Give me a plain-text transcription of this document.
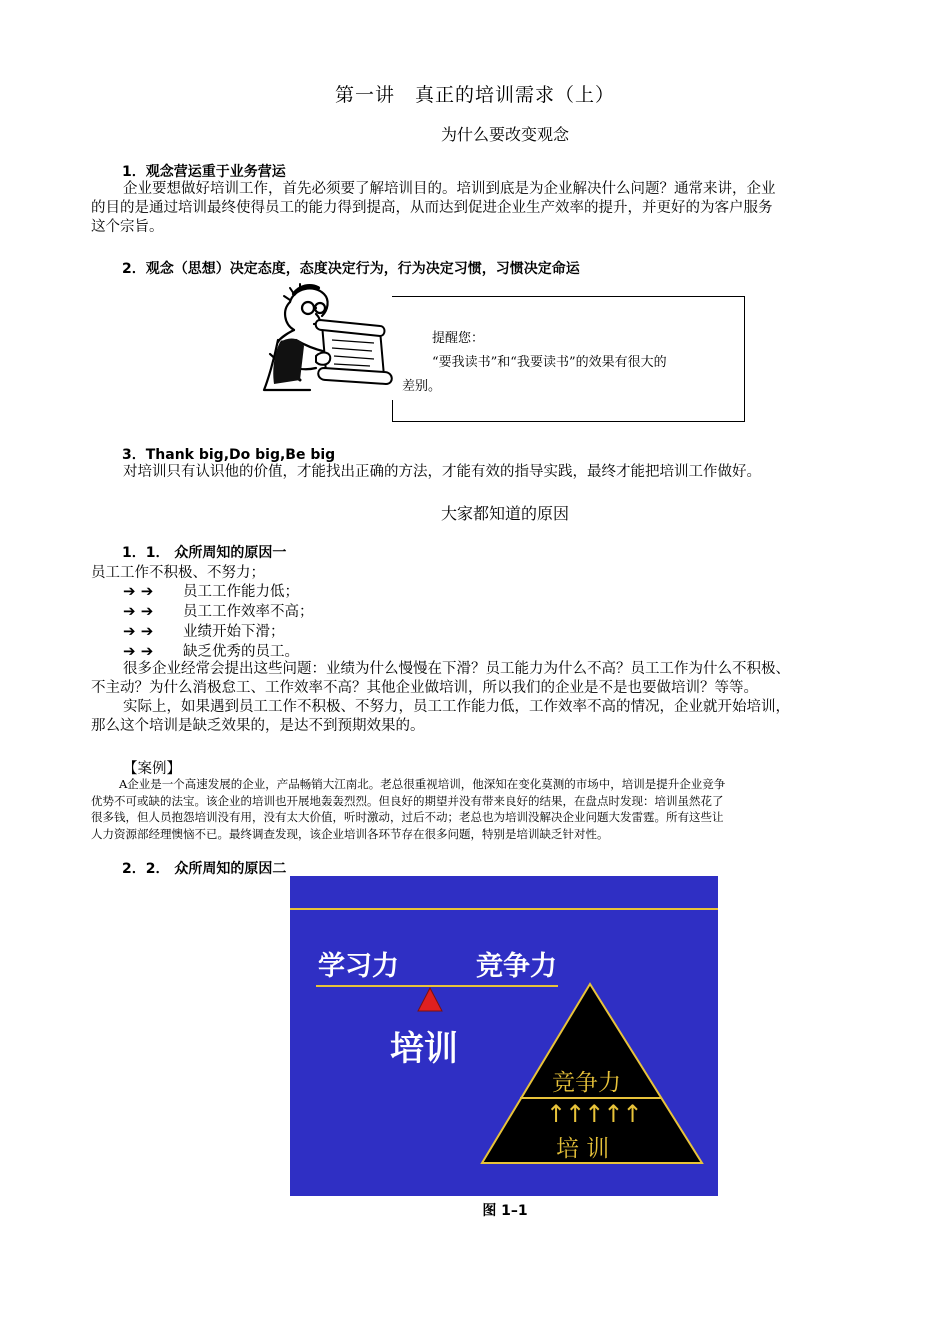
第一讲　真正的培训需求（上）
为什么要改变观念
1．观念营运重于业务营运
企业要想做好培训工作，首先必须要了解培训目的。培训到底是为企业解决什么问题？通常来讲，企业
的目的是通过培训最终使得员工的能力得到提高，从而达到促进企业生产效率的提升，并更好的为客户服务
这个宗旨。
2．观念（思想）决定态度，态度决定行为，行为决定习惯，习惯决定命运
提醒您：
“要我读书”和“我要读书”的效果有很大的
差别。
3．Thank big,Do big,Be big
对培训只有认识他的价值，才能找出正确的方法，才能有效的指导实践，最终才能把培训工作做好。
大家都知道的原因
1．1． 众所周知的原因一
员工工作不积极、不努力；
➔ ➔ 员工工作能力低；
➔ ➔ 员工工作效率不高；
➔ ➔ 业绩开始下滑；
➔ ➔ 缺乏优秀的员工。
很多企业经常会提出这些问题：业绩为什么慢慢在下滑？员工能力为什么不高？员工工作为什么不积极、
不主动？为什么消极怠工、工作效率不高？其他企业做培训，所以我们的企业是不是也要做培训？等等。
实际上，如果遇到员工工作不积极、不努力，员工工作能力低，工作效率不高的情况，企业就开始培训，
那么这个培训是缺乏效果的，是达不到预期效果的。
【案例】
A企业是一个高速发展的企业，产品畅销大江南北。老总很重视培训，他深知在变化莫测的市场中，培训是提升企业竞争
优势不可或缺的法宝。该企业的培训也开展地轰轰烈烈。但良好的期望并没有带来良好的结果，在盘点时发现：培训虽然花了
很多钱，但人员抱怨培训没有用，没有太大价值，听时激动，过后不动；老总也为培训没解决企业问题大发雷霆。所有这些让
人力资源部经理懊恼不已。最终调查发现，该企业培训各环节存在很多问题，特别是培训缺乏针对性。
2．2． 众所周知的原因二
学习力	竞争力
培训
竞争力
↑↑↑↑↑
培 训
图 1–1
